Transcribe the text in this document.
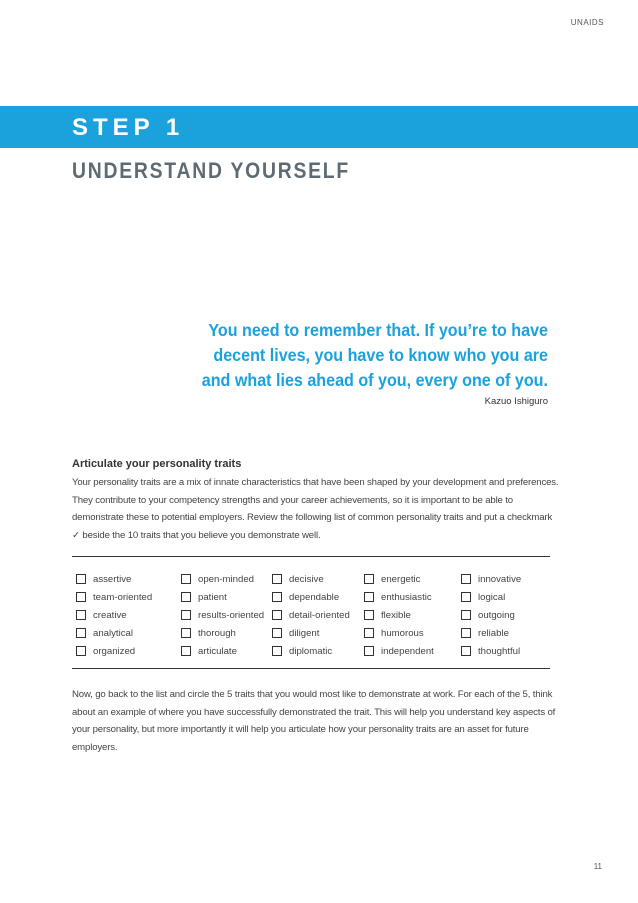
UNAIDS
STEP 1
UNDERSTAND YOURSELF
You need to remember that. If you’re to have decent lives, you have to know who you are and what lies ahead of you, every one of you.
Kazuo Ishiguro
Articulate your personality traits
Your personality traits are a mix of innate characteristics that have been shaped by your development and preferences. They contribute to your competency strengths and your career achievements, so it is important to be able to demonstrate these to potential employers. Review the following list of common personality traits and put a checkmark ✓ beside the 10 traits that you believe you demonstrate well.
assertive
team-oriented
creative
analytical
organized
open-minded
patient
results-oriented
thorough
articulate
decisive
dependable
detail-oriented
diligent
diplomatic
energetic
enthusiastic
flexible
humorous
independent
innovative
logical
outgoing
reliable
thoughtful
Now, go back to the list and circle the 5 traits that you would most like to demonstrate at work. For each of the 5, think about an example of where you have successfully demonstrated the trait. This will help you understand key aspects of your personality, but more importantly it will help you articulate how your personality traits are an asset for future employers.
11
